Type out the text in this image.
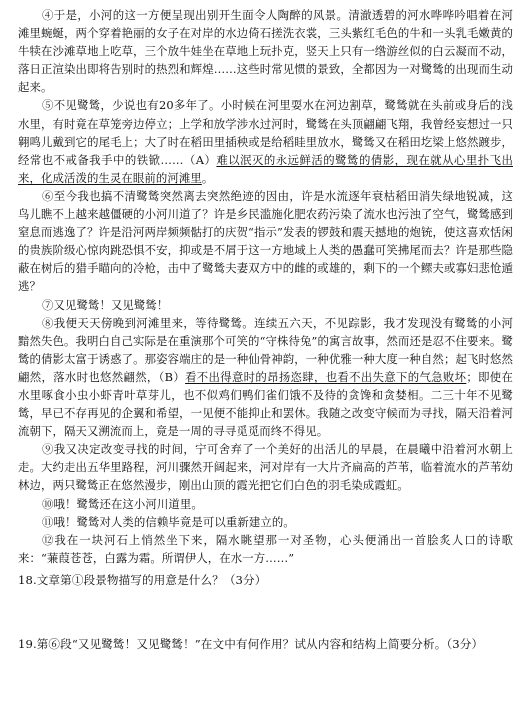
④于是，小河的这一方便呈现出别开生面令人陶醉的风景。清澈透碧的河水哗哗吟唱着在河滩里蜿蜒，两个穿着艳丽的女子在对岸的水边倚石搓洗衣裳，三头紫红毛色的牛和一头乳毛嫩黄的牛犊在沙滩草地上吃草，三个放牛娃坐在草地上玩扑克，竖天上只有一绺游丝似的白云凝而不动，落日正渲染出即将告别时的热烈和辉煌……这些时常见惯的景致，全都因为一对鹭鸶的出现而生动起来。

⑤不见鹭鸶，少说也有20多年了。小时候在河里耍水在河边割草，鹭鸶就在头前或身后的浅水里，有时竟在草笼旁边停立；上学和放学涉水过河时，鹭鸶在头顶翩翩飞翔，我曾经妄想过一只翱鸣儿戴到它的尾毛上；大了时在稻田里插秧或是给稻眭里放水，鹭鸶又在稻田圪梁上悠然踱步，经常也不戒备我手中的铁锨……（A）难以泯灭的永远鲜活的鹭鸶的倩影，现在就从心里扑飞出来，化成活泼的生灵在眼前的河滩里。

⑥至今我也搞不清鹭鸶突然离去突然绝迹的因由，许是水流逐年衰枯稻田消失绿地锐减，这鸟儿瞧不上越来越僵硬的小河川道了？许是乡民滥施化肥农药污染了流水也污浊了空气，鹭鸶感到窒息而逃逸了？许是沿河两岸频频骷打的庆贺“指示”发表的锣鼓和震天撼地的炮铳，使这喜欢恬闲的贵族阶级心惊肉跳恐惧不安，抑或是不屑于这一方地域上人类的愚蠢可笑拂尾而去？许是那些隐蔽在树后的猎手瞄向的冷枪，击中了鹭鸶夫妻双方中的雌的或雄的，剩下的一个鳏夫或寡妇悲怆遁逃？

⑦又见鹭鸶！又见鹭鸶！

⑧我便天天傍晚到河滩里来，等待鹭鸶。连续五六天，不见踪影，我才发现没有鹭鸶的小河黯然失色。我明白自己实际是在重演那个可笑的“守株待兔”的寓言故事，然而还是忍不住要来。鹭鸶的倩影太富于诱惑了。那姿容端庄的是一种仙骨神韵，一种优雅一种大度一种自然；起飞时悠然翩然，落水时也悠然翩然，（B）看不出得意时的昂扬恣肆，也看不出失意下的气急败坏；即使在水里啄食小虫小虾青叶草芽儿，也不似鸡们鸭们雀们饿不及待的贪馋和贪婪相。二三十年不见鹭鸶，早已不存再见的企翼和希望，一见便不能抑止和罢休。我随之改变守候而为寻找，隔天沿着河流朝下，隔天又溯流而上，竟是一周的寻寻觅觅而终不得见。

⑨我又决定改变寻找的时间，宁可舍弃了一个美好的出活儿的早晨，在晨曦中沿着河水朝上走。大约走出五华里路程，河川骤然开阔起来，河对岸有一大片齐扁高的芦苇，临着流水的芦苇幼林边，两只鹭鸶正在悠然漫步，刚出山顶的霞光把它们白色的羽毛染成霞虹。

⑩哦！鹭鸶还在这小河川道里。

⑪哦！鹭鸶对人类的信赖毕竟是可以重新建立的。

⑫我在一块河石上悄然坐下来，隔水眺望那一对圣物，心头便涌出一首脍炙人口的诗歌来：“蒹葭苍苍，白露为霜。所谓伊人，在水一方……”

18.文章第①段景物描写的用意是什么？（3分）

19.第⑥段“又见鹭鸶！又见鹭鸶！”在文中有何作用？试从内容和结构上简要分析。（3分）
